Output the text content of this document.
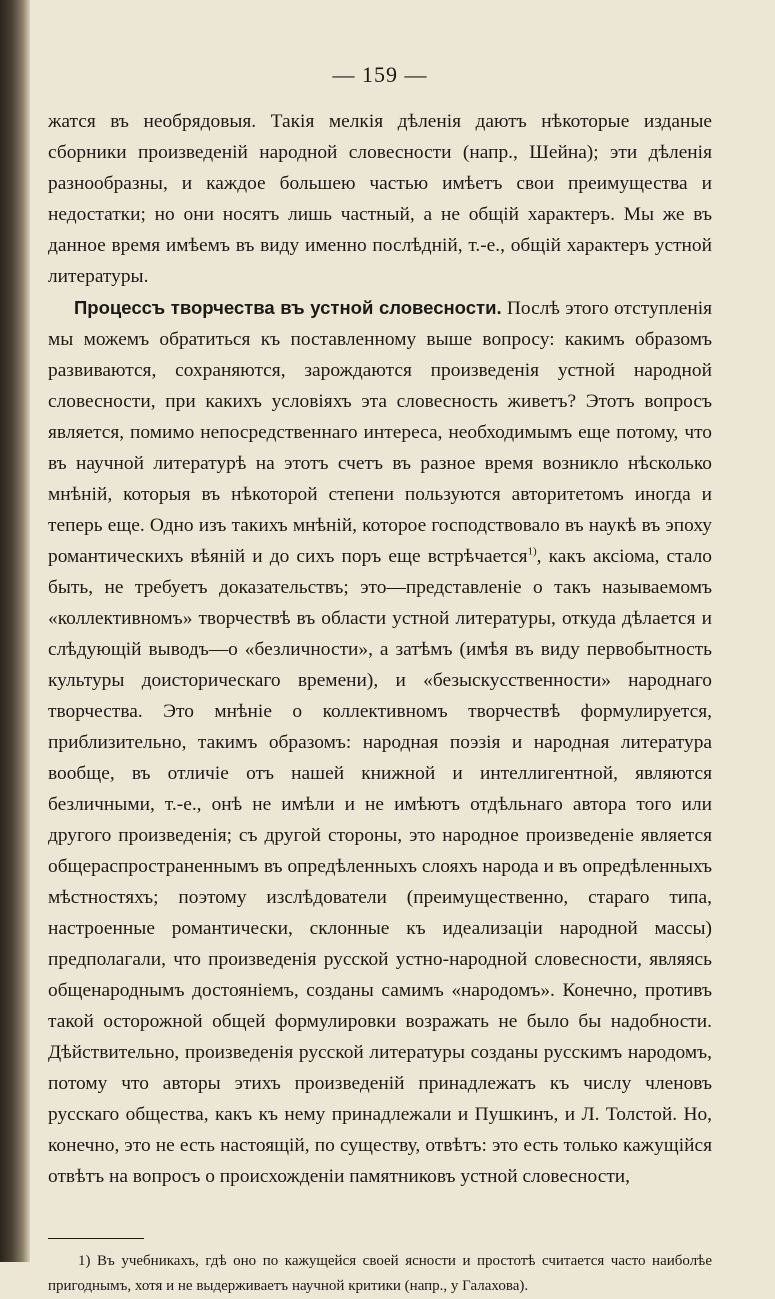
— 159 —

жатся въ необрядовыя. Такія мелкія дѣленія даютъ нѣкоторые изданые сборники произведеній народной словесности (напр., Шейна); эти дѣленія разнообразны, и каждое большею частью имѣетъ свои преимущества и недостатки; но они носятъ лишь частный, а не общій характеръ. Мы же въ данное время имѣемъ въ виду именно послѣдній, т.-е., общій характеръ устной литературы.

Процессъ творчества въ устной словесности. Послѣ этого отступленія мы можемъ обратиться къ поставленному выше вопросу: какимъ образомъ развиваются, сохраняются, зарождаются произведенія устной народной словесности, при какихъ условіяхъ эта словесность живетъ? Этотъ вопросъ является, помимо непосредственнаго интереса, необходимымъ еще потому, что въ научной литературѣ на этотъ счетъ въ разное время возникло нѣсколько мнѣній, которыя въ нѣкоторой степени пользуются авторитетомъ иногда и теперь еще. Одно изъ такихъ мнѣній, которое господствовало въ наукѣ въ эпоху романтическихъ вѣяній и до сихъ поръ еще встрѣчается$^{1)}$, какъ аксіома, стало быть, не требуетъ доказательствъ; это—представленіе о такъ называемомъ «коллективномъ» творчествѣ въ области устной литературы, откуда дѣлается и слѣдующій выводъ—о «безличности», а затѣмъ (имѣя въ виду первобытность культуры доисторическаго времени), и «безыскусственности» народнаго творчества. Это мнѣніе о коллективномъ творчествѣ формулируется, приблизительно, такимъ образомъ: народная поэзія и народная литература вообще, въ отличіе отъ нашей книжной и интеллигентной, являются безличными, т.-е., онѣ не имѣли и не имѣютъ отдѣльнаго автора того или другого произведенія; съ другой стороны, это народное произведеніе является общераспространеннымъ въ опредѣленныхъ слояхъ народа и въ опредѣленныхъ мѣстностяхъ; поэтому изслѣдователи (преимущественно, стараго типа, настроенные романтически, склонные къ идеализаціи народной массы) предполагали, что произведенія русской устно-народной словесности, являясь общенароднымъ достояніемъ, созданы самимъ «народомъ». Конечно, противъ такой осторожной общей формулировки возражать не было бы надобности. Дѣйствительно, произведенія русской литературы созданы русскимъ народомъ, потому что авторы этихъ произведеній принадлежатъ къ числу членовъ русскаго общества, какъ къ нему принадлежали и Пушкинъ, и Л. Толстой. Но, конечно, это не есть настоящій, по существу, отвѣтъ: это есть только кажущійся отвѣтъ на вопросъ о происхожденіи памятниковъ устной словесности,

1) Въ учебникахъ, гдѣ оно по кажущейся своей ясности и простотѣ считается часто наиболѣе пригоднымъ, хотя и не выдерживаетъ научной критики (напр., у Галахова).
